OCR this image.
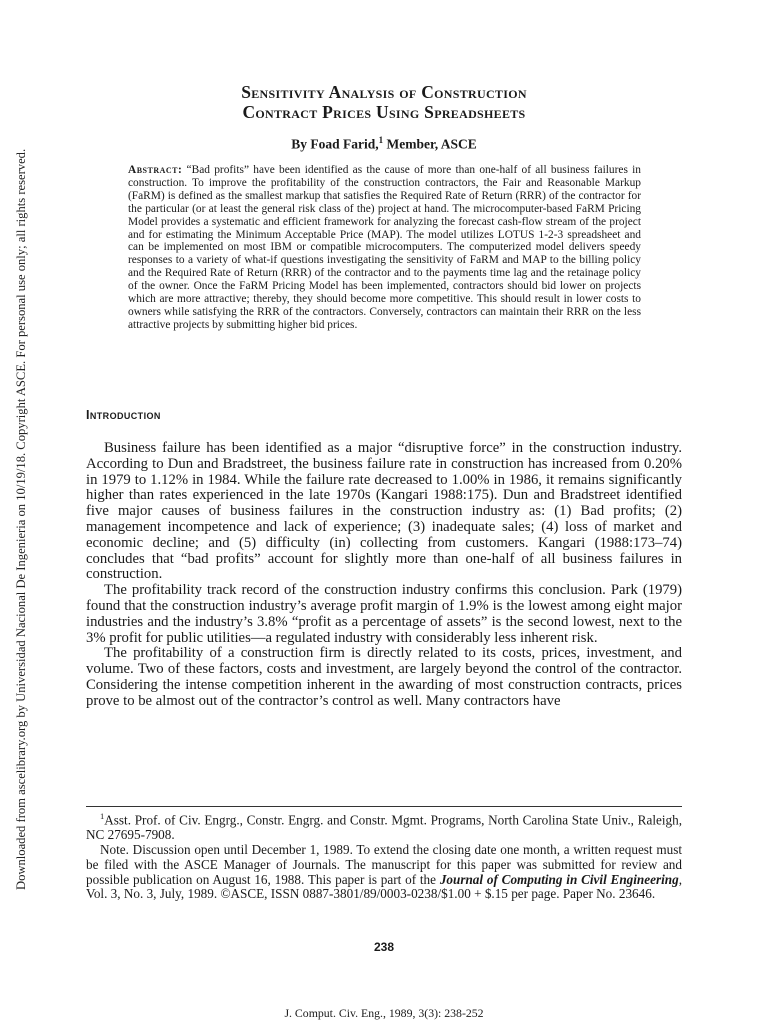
Downloaded from ascelibrary.org by Universidad Nacional De Ingenieria on 10/19/18. Copyright ASCE. For personal use only; all rights reserved.
Sensitivity Analysis of Construction
Contract Prices Using Spreadsheets
By Foad Farid,$^1$ Member, ASCE
Abstract: “Bad profits” have been identified as the cause of more than one-half of all business failures in construction. To improve the profitability of the construction contractors, the Fair and Reasonable Markup (FaRM) is defined as the smallest markup that satisfies the Required Rate of Return (RRR) of the contractor for the particular (or at least the general risk class of the) project at hand. The microcomputer-based FaRM Pricing Model provides a systematic and efficient framework for analyzing the forecast cash-flow stream of the project and for estimating the Minimum Acceptable Price (MAP). The model utilizes LOTUS 1-2-3 spreadsheet and can be implemented on most IBM or compatible microcomputers. The computerized model delivers speedy responses to a variety of what-if questions investigating the sensitivity of FaRM and MAP to the billing policy and the Required Rate of Return (RRR) of the contractor and to the payments time lag and the retainage policy of the owner. Once the FaRM Pricing Model has been implemented, contractors should bid lower on projects which are more attractive; thereby, they should become more competitive. This should result in lower costs to owners while satisfying the RRR of the contractors. Conversely, contractors can maintain their RRR on the less attractive projects by submitting higher bid prices.
Introduction

Business failure has been identified as a major “disruptive force” in the construction industry. According to Dun and Bradstreet, the business failure rate in construction has increased from 0.20% in 1979 to 1.12% in 1984. While the failure rate decreased to 1.00% in 1986, it remains significantly higher than rates experienced in the late 1970s (Kangari 1988:175). Dun and Bradstreet identified five major causes of business failures in the construction industry as: (1) Bad profits; (2) management incompetence and lack of experience; (3) inadequate sales; (4) loss of market and economic decline; and (5) difficulty (in) collecting from customers. Kangari (1988:173–74) concludes that “bad profits” account for slightly more than one-half of all business failures in construction.

The profitability track record of the construction industry confirms this conclusion. Park (1979) found that the construction industry’s average profit margin of 1.9% is the lowest among eight major industries and the industry’s 3.8% “profit as a percentage of assets” is the second lowest, next to the 3% profit for public utilities—a regulated industry with considerably less inherent risk.

The profitability of a construction firm is directly related to its costs, prices, investment, and volume. Two of these factors, costs and investment, are largely beyond the control of the contractor. Considering the intense competition inherent in the awarding of most construction contracts, prices prove to be almost out of the contractor’s control as well. Many contractors have

$^1$Asst. Prof. of Civ. Engrg., Constr. Engrg. and Constr. Mgmt. Programs, North Carolina State Univ., Raleigh, NC 27695-7908.

Note. Discussion open until December 1, 1989. To extend the closing date one month, a written request must be filed with the ASCE Manager of Journals. The manuscript for this paper was submitted for review and possible publication on August 16, 1988. This paper is part of the Journal of Computing in Civil Engineering, Vol. 3, No. 3, July, 1989. ©ASCE, ISSN 0887-3801/89/0003-0238/$1.00 + $.15 per page. Paper No. 23646.

238
J. Comput. Civ. Eng., 1989, 3(3): 238-252
